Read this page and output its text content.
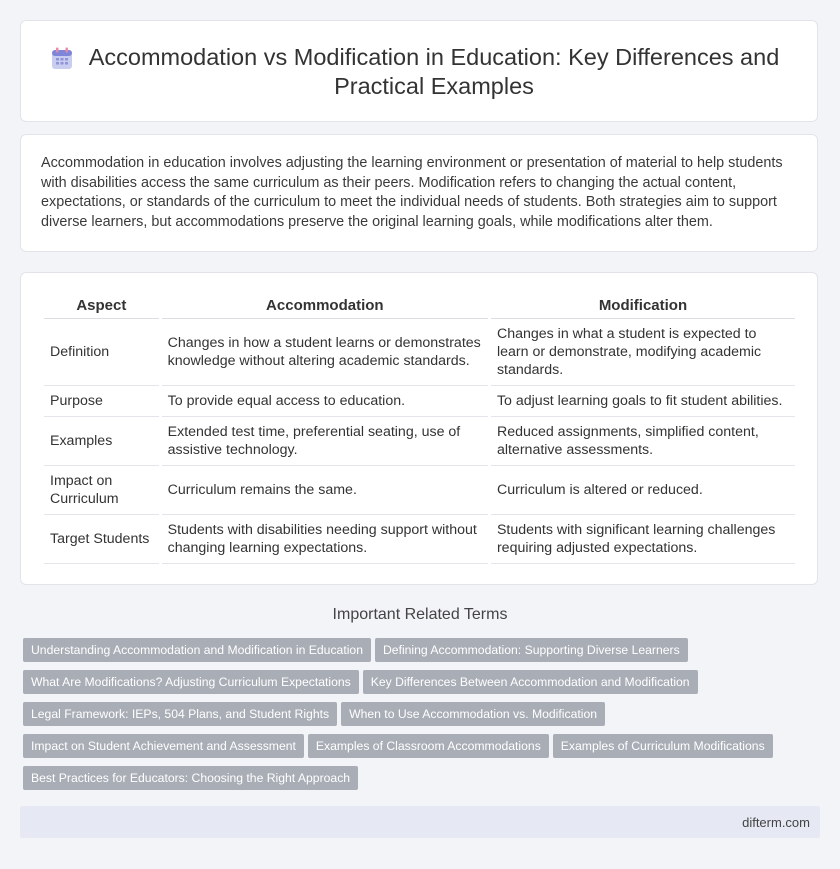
Accommodation vs Modification in Education: Key Differences and Practical Examples

Accommodation in education involves adjusting the learning environment or presentation of material to help students with disabilities access the same curriculum as their peers. Modification refers to changing the actual content, expectations, or standards of the curriculum to meet the individual needs of students. Both strategies aim to support diverse learners, but accommodations preserve the original learning goals, while modifications alter them.

Aspect	Accommodation	Modification
Definition	Changes in how a student learns or demonstrates knowledge without altering academic standards.	Changes in what a student is expected to learn or demonstrate, modifying academic standards.
Purpose	To provide equal access to education.	To adjust learning goals to fit student abilities.
Examples	Extended test time, preferential seating, use of assistive technology.	Reduced assignments, simplified content, alternative assessments.
Impact on Curriculum	Curriculum remains the same.	Curriculum is altered or reduced.
Target Students	Students with disabilities needing support without changing learning expectations.	Students with significant learning challenges requiring adjusted expectations.
Important Related Terms
Understanding Accommodation and Modification in Education Defining Accommodation: Supporting Diverse Learners
What Are Modifications? Adjusting Curriculum Expectations Key Differences Between Accommodation and Modification
Legal Framework: IEPs, 504 Plans, and Student Rights When to Use Accommodation vs. Modification
Impact on Student Achievement and Assessment Examples of Classroom Accommodations Examples of Curriculum Modifications
Best Practices for Educators: Choosing the Right Approach
difterm.com
